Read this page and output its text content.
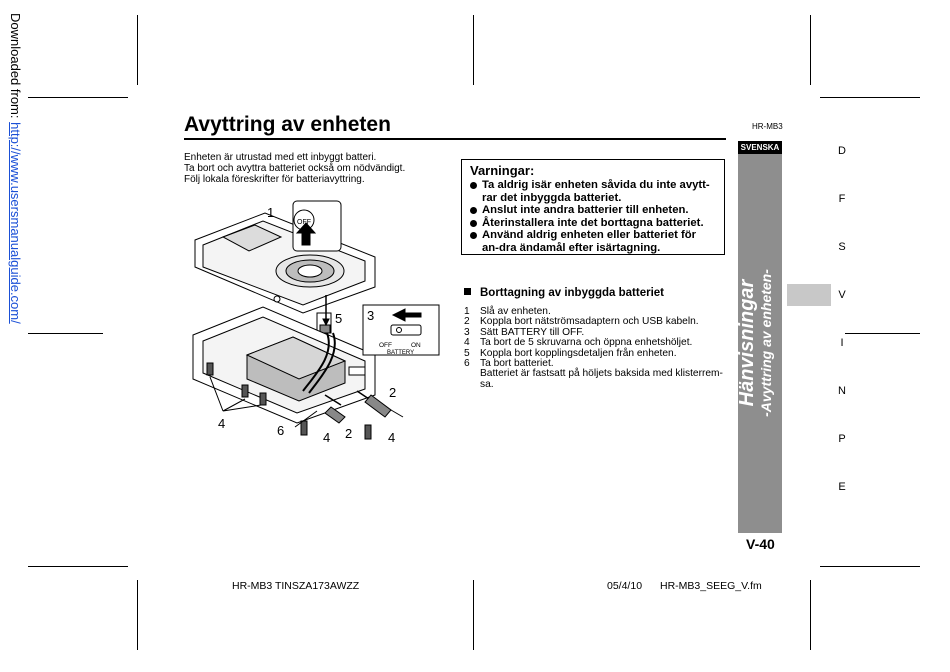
Downloaded from: http://www.usersmanualguide.com/	Avyttring av enheten	HR-MB3
Enheten är utrustad med ett inbyggt batteri.
Ta bort och avyttra batteriet också om nödvändigt.
Följ lokala föreskrifter för batteriavyttring.
1
5 3
2
4	6	4 2	4
OFF
OFF	ON
BATTERY
Varningar:
Ta aldrig isär enheten såvida du inte avytt-rar det inbyggda batteriet.
Anslut inte andra batterier till enheten.
Återinstallera inte det borttagna batteriet.
Använd aldrig enheten eller batteriet för an-dra ändamål efter isärtagning.
Borttagning av inbyggda batteriet
1	Slå av enheten.
2	Koppla bort nätströmsadaptern och USB kabeln.
3	Sätt BATTERY till OFF.
4	Ta bort de 5 skruvarna och öppna enhetshöljet.
5	Koppla bort kopplingsdetaljen från enheten.
6	Ta bort batteriet.
Batteriet är fastsatt på höljets baksida med klisterrem-sa.
SVENSKA
Hänvisningar -Avyttring av enheten-
D
F
S
V
I
N
P
E
V-40
HR-MB3 TINSZA173AWZZ	05/4/10 HR-MB3_SEEG_V.fm
